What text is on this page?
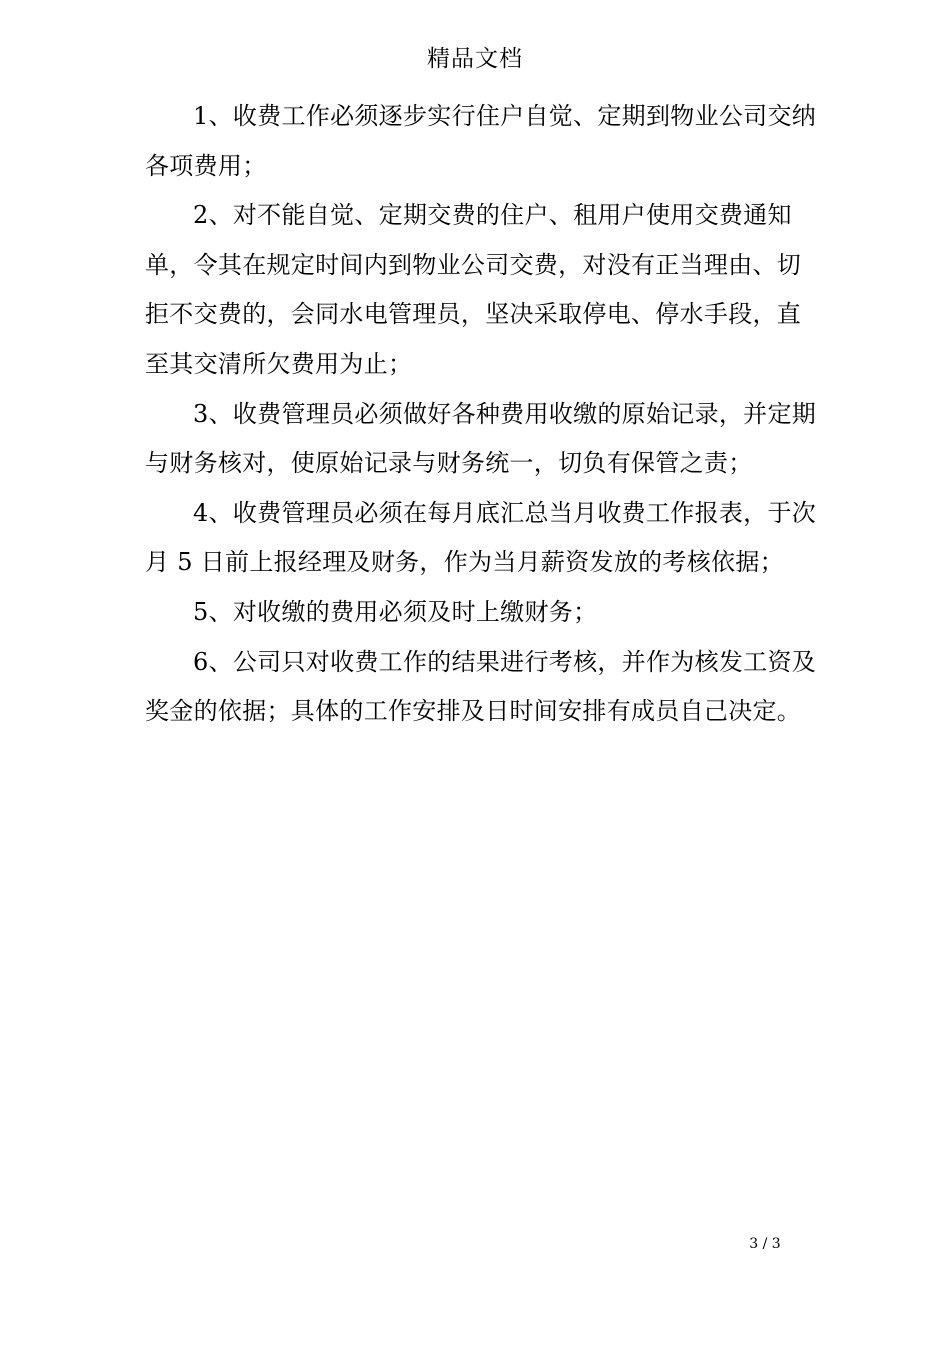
精品文档

1、收费工作必须逐步实行住户自觉、定期到物业公司交纳各项费用；

2、对不能自觉、定期交费的住户、租用户使用交费通知单，令其在规定时间内到物业公司交费，对没有正当理由、切拒不交费的，会同水电管理员，坚决采取停电、停水手段，直至其交清所欠费用为止；

3、收费管理员必须做好各种费用收缴的原始记录，并定期与财务核对，使原始记录与财务统一，切负有保管之责；

4、收费管理员必须在每月底汇总当月收费工作报表，于次月 5 日前上报经理及财务，作为当月薪资发放的考核依据；

5、对收缴的费用必须及时上缴财务；

6、公司只对收费工作的结果进行考核，并作为核发工资及奖金的依据；具体的工作安排及日时间安排有成员自己决定。

3 / 3
